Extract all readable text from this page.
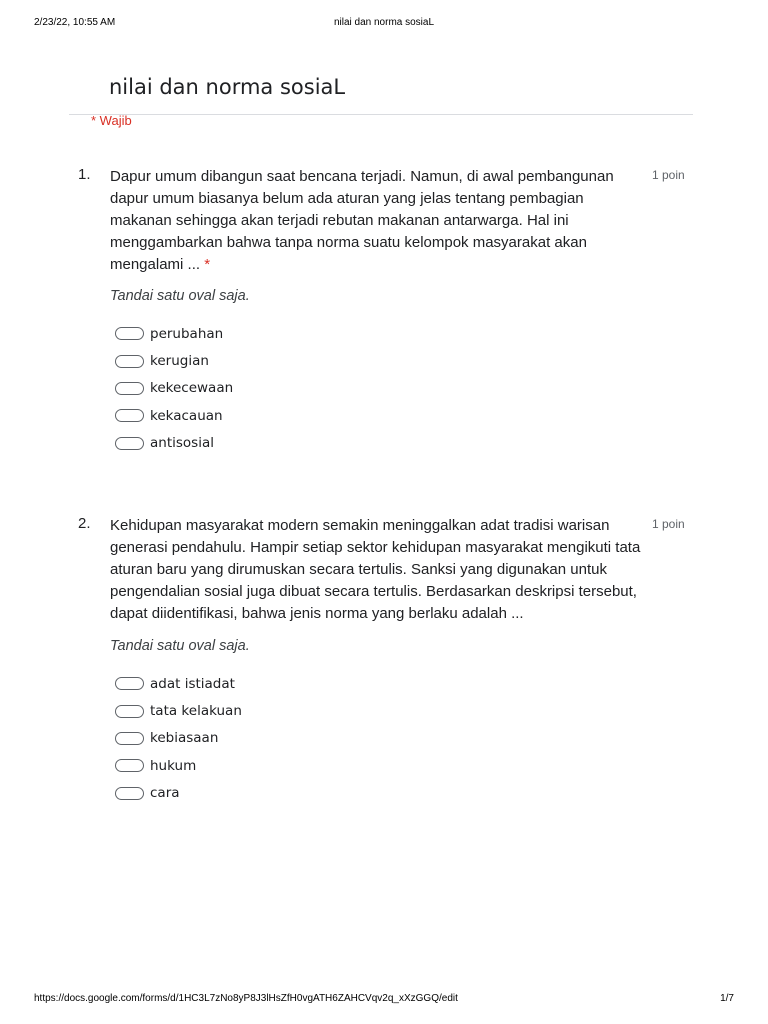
2/23/22, 10:55 AM	nilai dan norma sosiaL
nilai dan norma sosiaL
* Wajib
1. Dapur umum dibangun saat bencana terjadi. Namun, di awal pembangunan dapur umum biasanya belum ada aturan yang jelas tentang pembagian makanan sehingga akan terjadi rebutan makanan antarwarga. Hal ini menggambarkan bahwa tanpa norma suatu kelompok masyarakat akan mengalami ... *
1 poin
Tandai satu oval saja.
perubahan
kerugian
kekecewaan
kekacauan
antisosial
2. Kehidupan masyarakat modern semakin meninggalkan adat tradisi warisan generasi pendahulu. Hampir setiap sektor kehidupan masyarakat mengikuti tata aturan baru yang dirumuskan secara tertulis. Sanksi yang digunakan untuk pengendalian sosial juga dibuat secara tertulis. Berdasarkan deskripsi tersebut, dapat diidentifikasi, bahwa jenis norma yang berlaku adalah ...
1 poin
Tandai satu oval saja.
adat istiadat
tata kelakuan
kebiasaan
hukum
cara
https://docs.google.com/forms/d/1HC3L7zNo8yP8J3lHsZfH0vgATH6ZAHCVqv2q_xXzGGQ/edit	1/7
